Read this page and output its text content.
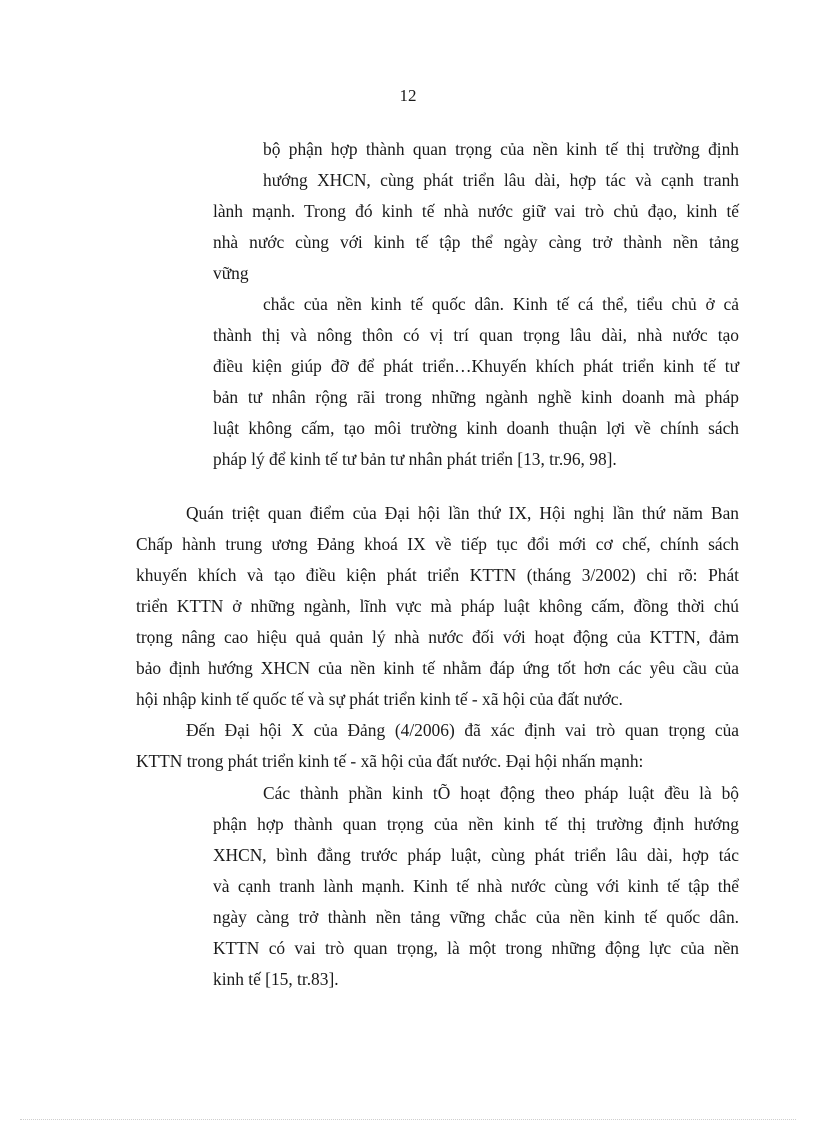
12
bộ phận hợp thành quan trọng của nền kinh tế thị trường định
hướng XHCN, cùng phát triển lâu dài, hợp tác và cạnh tranh
lành mạnh. Trong đó kinh tế nhà nước giữ vai trò chủ đạo, kinh tế
nhà nước cùng với kinh tế tập thể ngày càng trở thành nền tảng
vững
chắc của nền kinh tế quốc dân. Kinh tế cá thể, tiểu chủ ở cả
thành thị và nông thôn có vị trí quan trọng lâu dài, nhà nước tạo
điều kiện giúp đỡ để phát triển…Khuyến khích phát triển kinh tế tư
bản tư nhân rộng rãi trong những ngành nghề kinh doanh mà pháp
luật không cấm, tạo môi trường kinh doanh thuận lợi về chính sách
pháp lý để kinh tế tư bản tư nhân phát triển [13, tr.96, 98].
Quán triệt quan điểm của Đại hội lần thứ IX, Hội nghị lần thứ năm Ban
Chấp hành trung ương Đảng khoá IX về tiếp tục đổi mới cơ chế, chính sách
khuyến khích và tạo điều kiện phát triển KTTN (tháng 3/2002) chỉ rõ: Phát
triển KTTN ở những ngành, lĩnh vực mà pháp luật không cấm, đồng thời chú
trọng nâng cao hiệu quả quản lý nhà nước đối với hoạt động của KTTN, đảm
bảo định hướng XHCN của nền kinh tế nhằm đáp ứng tốt hơn các yêu cầu của
hội nhập kinh tế quốc tế và sự phát triển kinh tế - xã hội của đất nước.
Đến Đại hội X của Đảng (4/2006) đã xác định vai trò quan trọng của
KTTN trong phát triển kinh tế - xã hội của đất nước. Đại hội nhấn mạnh:
Các thành phần kinh tÕ hoạt động theo pháp luật đều là bộ
phận hợp thành quan trọng của nền kinh tế thị trường định hướng
XHCN, bình đẳng trước pháp luật, cùng phát triển lâu dài, hợp tác
và cạnh tranh lành mạnh. Kinh tế nhà nước cùng với kinh tế tập thể
ngày càng trở thành nền tảng vững chắc của nền kinh tế quốc dân.
KTTN có vai trò quan trọng, là một trong những động lực của nền
kinh tế [15, tr.83].
